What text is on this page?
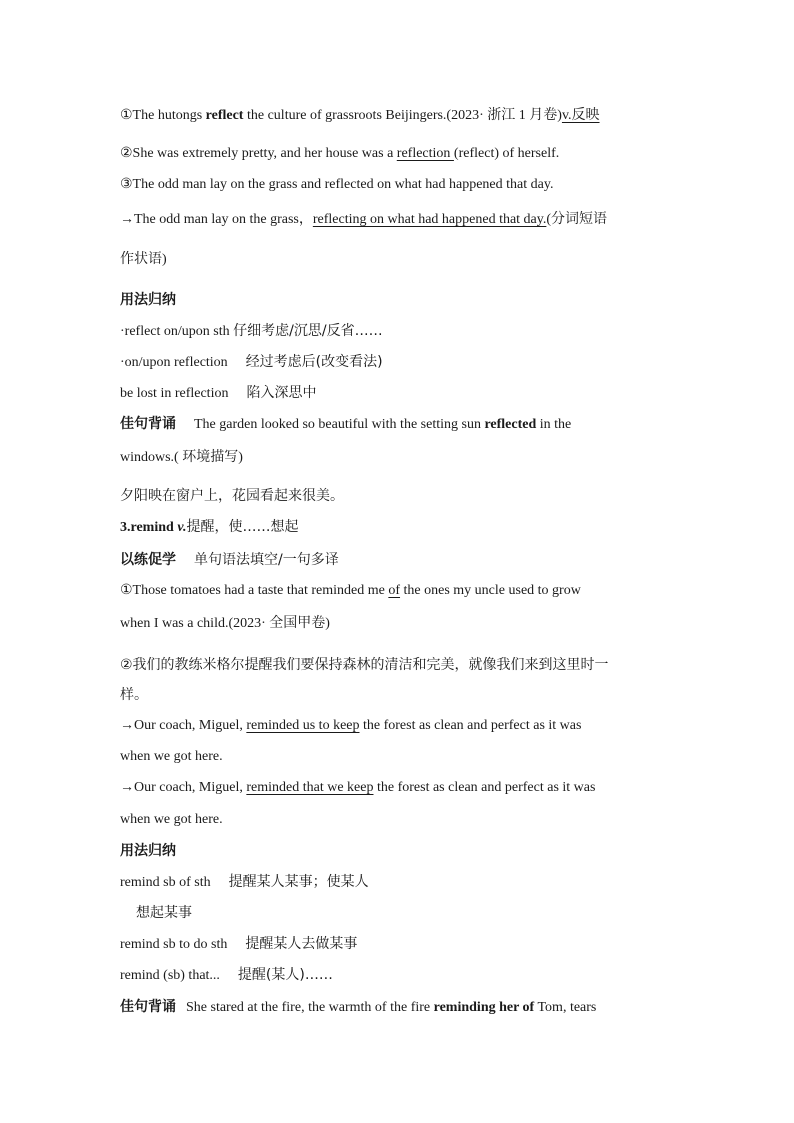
①The hutongs reflect the culture of grassroots Beijingers.(2023· 浙江 1 月卷)v.反映
②She was extremely pretty, and her house was a reflection (reflect) of herself.
③The odd man lay on the grass and reflected on what had happened that day.
→The odd man lay on the grass，reflecting on what had happened that day.(分词短语
作状语)
用法归纳
·reflect on/upon sth 仔细考虑/沉思/反省……
·on/upon reflection 经过考虑后(改变看法)
be lost in reflection 陷入深思中
佳句背诵 The garden looked so beautiful with the setting sun reflected in the
windows.( 环境描写)
夕阳映在窗户上，花园看起来很美。
3.remind v.提醒，使……想起
以练促学 单句语法填空/一句多译
①Those tomatoes had a taste that reminded me of the ones my uncle used to grow
when I was a child.(2023· 全国甲卷)
②我们的教练米格尔提醒我们要保持森林的清洁和完美，就像我们来到这里时一
样。
→Our coach, Miguel, reminded us to keep the forest as clean and perfect as it was
when we got here.
→Our coach, Miguel, reminded that we keep the forest as clean and perfect as it was
when we got here.
用法归纳
remind sb of sth 提醒某人某事；使某人
想起某事
remind sb to do sth 提醒某人去做某事
remind (sb) that... 提醒(某人)……
佳句背诵 She stared at the fire, the warmth of the fire reminding her of Tom, tears
